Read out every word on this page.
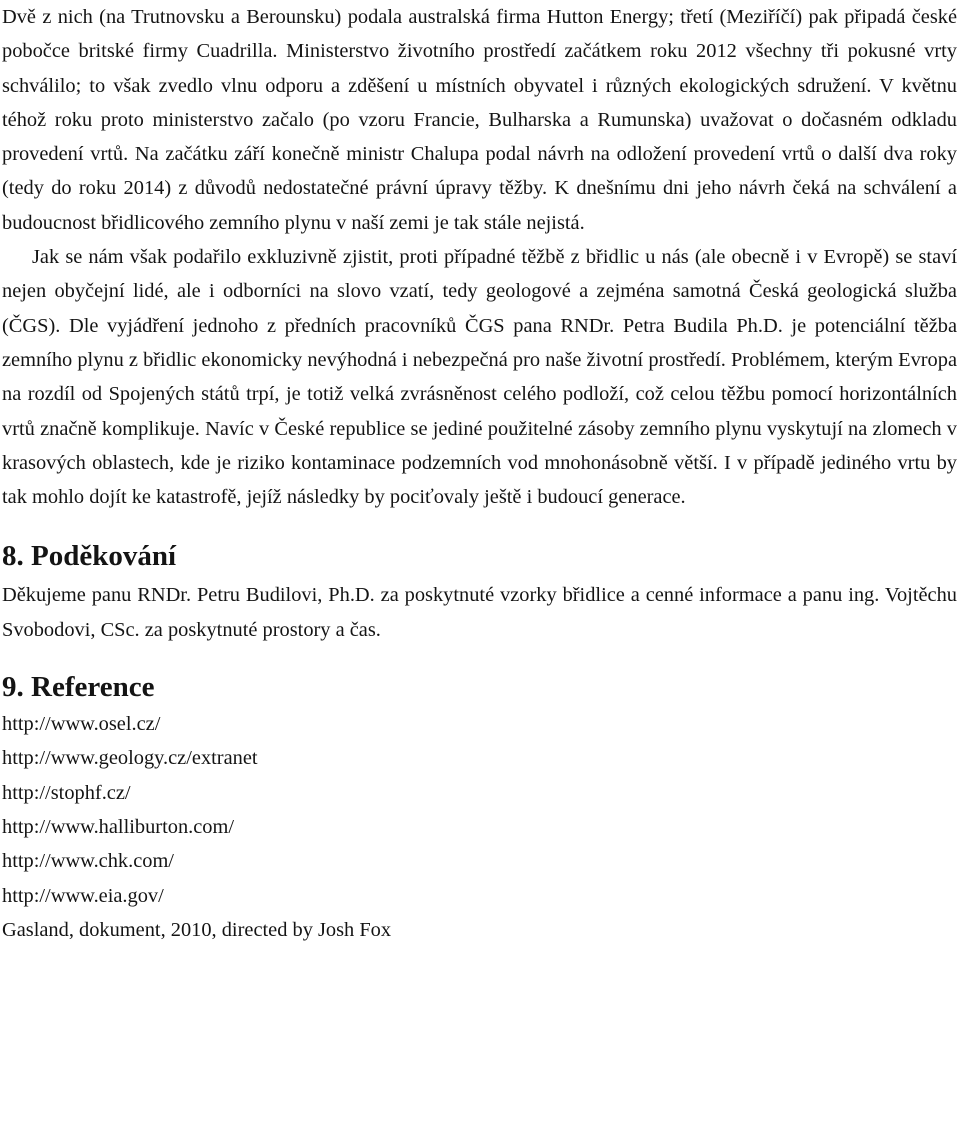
Dvě z nich (na Trutnovsku a Berounsku) podala australská firma Hutton Energy; třetí (Meziříčí) pak připadá české pobočce britské firmy Cuadrilla. Ministerstvo životního prostředí začátkem roku 2012 všechny tři pokusné vrty schválilo; to však zvedlo vlnu odporu a zděšení u místních obyvatel i různých ekologických sdružení. V květnu téhož roku proto ministerstvo začalo (po vzoru Francie, Bulharska a Rumunska) uvažovat o dočasném odkladu provedení vrtů. Na začátku září konečně ministr Chalupa podal návrh na odložení provedení vrtů o další dva roky (tedy do roku 2014) z důvodů nedostatečné právní úpravy těžby. K dnešnímu dni jeho návrh čeká na schválení a budoucnost břidlicového zemního plynu v naší zemi je tak stále nejistá.

Jak se nám však podařilo exkluzivně zjistit, proti případné těžbě z břidlic u nás (ale obecně i v Evropě) se staví nejen obyčejní lidé, ale i odborníci na slovo vzatí, tedy geologové a zejména samotná Česká geologická služba (ČGS). Dle vyjádření jednoho z předních pracovníků ČGS pana RNDr. Petra Budila Ph.D. je potenciální těžba zemního plynu z břidlic ekonomicky nevýhodná i nebezpečná pro naše životní prostředí. Problémem, kterým Evropa na rozdíl od Spojených států trpí, je totiž velká zvrásněnost celého podloží, což celou těžbu pomocí horizontálních vrtů značně komplikuje. Navíc v České republice se jediné použitelné zásoby zemního plynu vyskytují na zlomech v krasových oblastech, kde je riziko kontaminace podzemních vod mnohonásobně větší. I v případě jediného vrtu by tak mohlo dojít ke katastrofě, jejíž následky by pociťovaly ještě i budoucí generace.

8. Poděkování

Děkujeme panu RNDr. Petru Budilovi, Ph.D. za poskytnuté vzorky břidlice a cenné informace a panu ing. Vojtěchu Svobodovi, CSc. za poskytnuté prostory a čas.

9. Reference
http://www.osel.cz/
http://www.geology.cz/extranet
http://stophf.cz/
http://www.halliburton.com/
http://www.chk.com/
http://www.eia.gov/
Gasland, dokument, 2010, directed by Josh Fox
